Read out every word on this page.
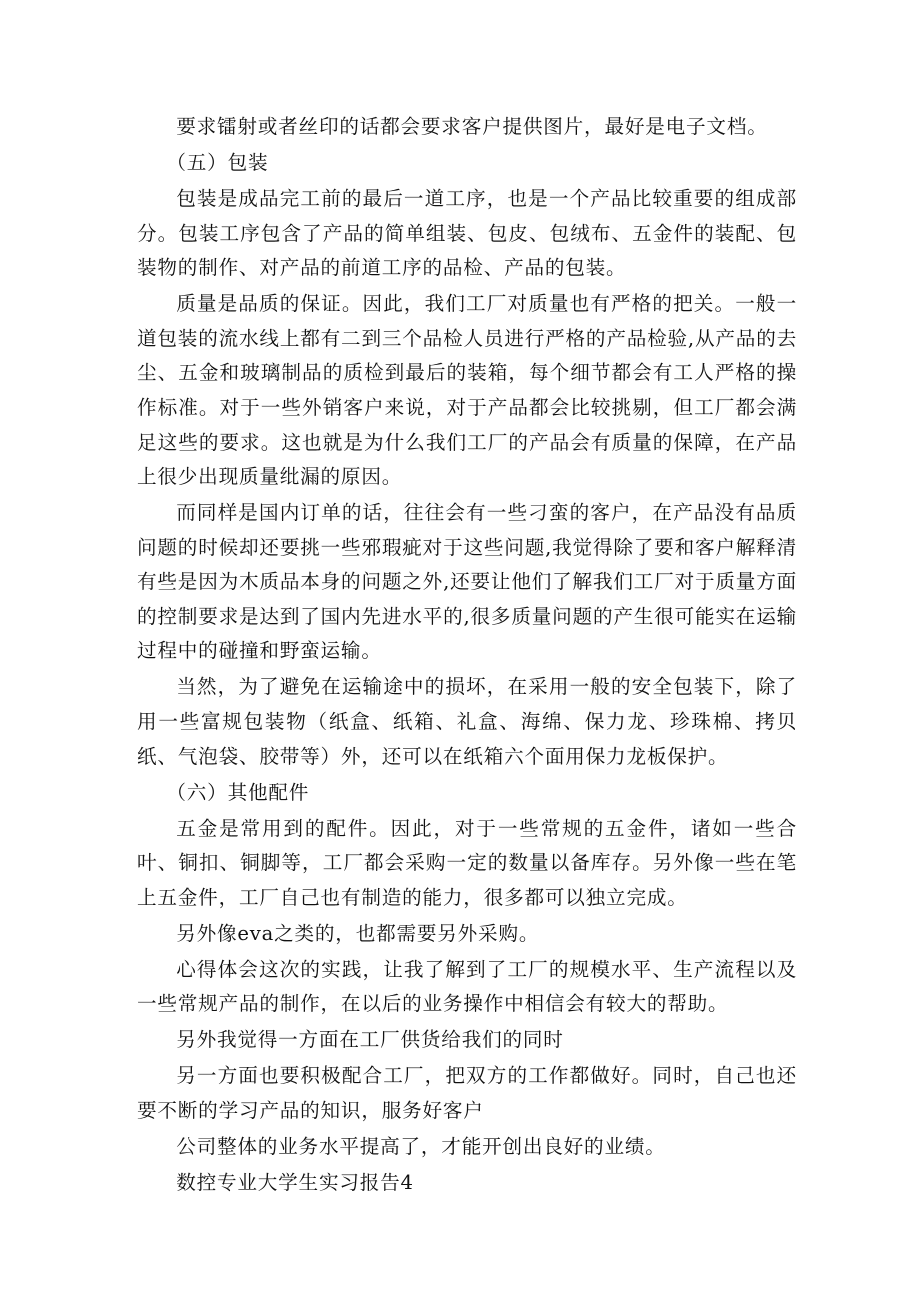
要求镭射或者丝印的话都会要求客户提供图片，最好是电子文档。

（五）包装

包装是成品完工前的最后一道工序，也是一个产品比较重要的组成部分。包装工序包含了产品的简单组装、包皮、包绒布、五金件的装配、包装物的制作、对产品的前道工序的品检、产品的包装。

质量是品质的保证。因此，我们工厂对质量也有严格的把关。一般一道包装的流水线上都有二到三个品检人员进行严格的产品检验,从产品的去尘、五金和玻璃制品的质检到最后的装箱，每个细节都会有工人严格的操作标准。对于一些外销客户来说，对于产品都会比较挑剔，但工厂都会满足这些的要求。这也就是为什么我们工厂的产品会有质量的保障，在产品上很少出现质量纰漏的原因。

而同样是国内订单的话，往往会有一些刁蛮的客户，在产品没有品质问题的时候却还要挑一些邪瑕疵对于这些问题,我觉得除了要和客户解释清有些是因为木质品本身的问题之外,还要让他们了解我们工厂对于质量方面的控制要求是达到了国内先进水平的,很多质量问题的产生很可能实在运输过程中的碰撞和野蛮运输。

当然，为了避免在运输途中的损坏，在采用一般的安全包装下，除了用一些富规包装物（纸盒、纸箱、礼盒、海绵、保力龙、珍珠棉、拷贝纸、气泡袋、胶带等）外，还可以在纸箱六个面用保力龙板保护。

（六）其他配件

五金是常用到的配件。因此，对于一些常规的五金件，诸如一些合叶、铜扣、铜脚等，工厂都会采购一定的数量以备库存。另外像一些在笔上五金件，工厂自己也有制造的能力，很多都可以独立完成。

另外像eva之类的，也都需要另外采购。

心得体会这次的实践，让我了解到了工厂的规模水平、生产流程以及一些常规产品的制作，在以后的业务操作中相信会有较大的帮助。

另外我觉得一方面在工厂供货给我们的同时

另一方面也要积极配合工厂，把双方的工作都做好。同时，自己也还要不断的学习产品的知识，服务好客户

公司整体的业务水平提高了，才能开创出良好的业绩。

数控专业大学生实习报告4
